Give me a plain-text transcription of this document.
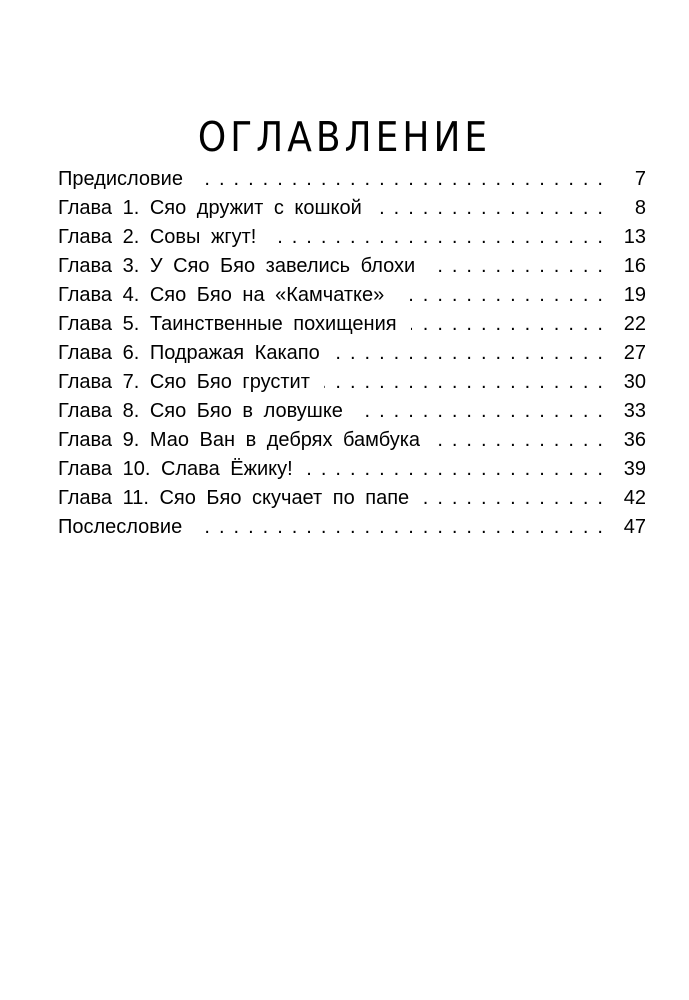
ОГЛАВЛЕНИЕ
Предисловие .....	7
Глава 1. Сяо дружит с кошкой .....	8
Глава 2. Совы жгут! .....	13
Глава 3. У Сяо Бяо завелись блохи .....	16
Глава 4. Сяо Бяо на «Камчатке» .....	19
Глава 5. Таинственные похищения .....	22
Глава 6. Подражая Какапо .....	27
Глава 7. Сяо Бяо грустит .....	30
Глава 8. Сяо Бяо в ловушке .....	33
Глава 9. Мао Ван в дебрях бамбука .....	36
Глава 10. Слава Ёжику! .....	39
Глава 11. Сяо Бяо скучает по папе .....	42
Послесловие .....	47
